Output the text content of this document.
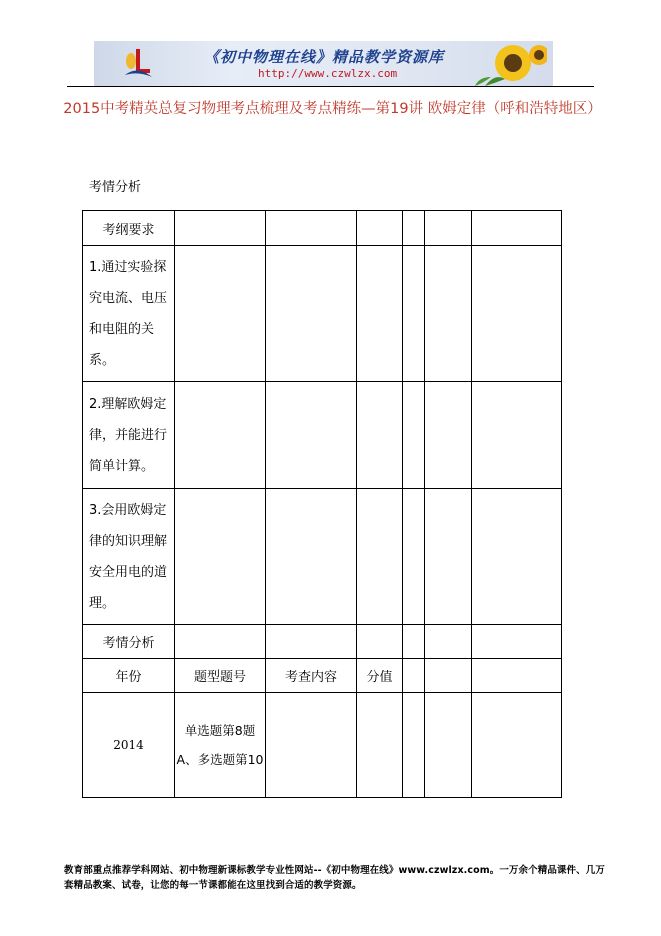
《初中物理在线》精品教学资源库
http://www.czwlzx.com
2015中考精英总复习物理考点梳理及考点精练—第19讲 欧姆定律（呼和浩特地区）
考情分析
考纲要求						
1.通过实验探究电流、电压和电阻的关系。						
2.理解欧姆定律，并能进行简单计算。						
3.会用欧姆定律的知识理解安全用电的道理。						
考情分析						
年份	题型题号	考查内容	分值			
2014	单选题第8题A、多选题第10					
教育部重点推荐学科网站、初中物理新课标教学专业性网站--《初中物理在线》www.czwlzx.com。一万余个精品课件、几万套精品教案、试卷，让您的每一节课都能在这里找到合适的教学资源。
